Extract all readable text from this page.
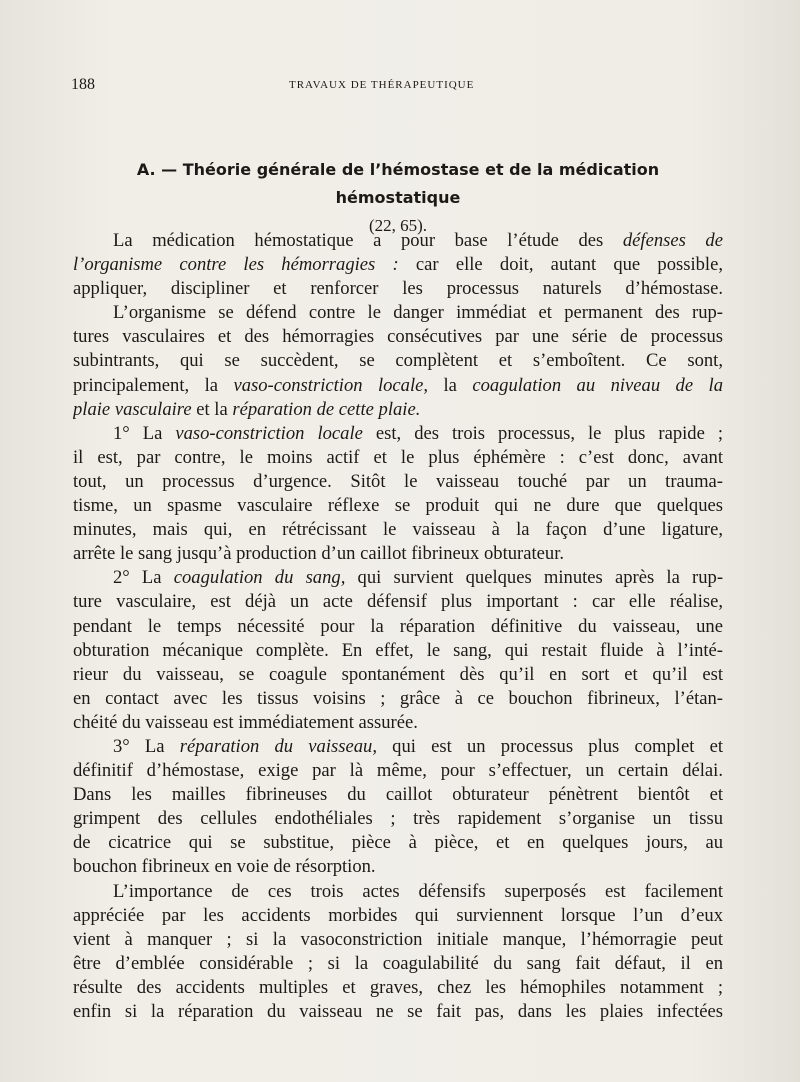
188	TRAVAUX DE THÉRAPEUTIQUE
A. — Théorie générale de l’hémostase et de la médication hémostatique
(22, 65).
La médication hémostatique a pour base l’étude des défenses de
l’organisme contre les hémorragies : car elle doit, autant que possible,
appliquer, discipliner et renforcer les processus naturels d’hémostase.
L’organisme se défend contre le danger immédiat et permanent des rup-
tures vasculaires et des hémorragies consécutives par une série de processus
subintrants, qui se succèdent, se complètent et s’emboîtent. Ce sont,
principalement, la vaso-constriction locale, la coagulation au niveau de la
plaie vasculaire et la réparation de cette plaie.
1° La vaso-constriction locale est, des trois processus, le plus rapide ;
il est, par contre, le moins actif et le plus éphémère : c’est donc, avant
tout, un processus d’urgence. Sitôt le vaisseau touché par un trauma-
tisme, un spasme vasculaire réflexe se produit qui ne dure que quelques
minutes, mais qui, en rétrécissant le vaisseau à la façon d’une ligature,
arrête le sang jusqu’à production d’un caillot fibrineux obturateur.
2° La coagulation du sang, qui survient quelques minutes après la rup-
ture vasculaire, est déjà un acte défensif plus important : car elle réalise,
pendant le temps nécessité pour la réparation définitive du vaisseau, une
obturation mécanique complète. En effet, le sang, qui restait fluide à l’inté-
rieur du vaisseau, se coagule spontanément dès qu’il en sort et qu’il est
en contact avec les tissus voisins ; grâce à ce bouchon fibrineux, l’étan-
chéité du vaisseau est immédiatement assurée.
3° La réparation du vaisseau, qui est un processus plus complet et
définitif d’hémostase, exige par là même, pour s’effectuer, un certain délai.
Dans les mailles fibrineuses du caillot obturateur pénètrent bientôt et
grimpent des cellules endothéliales ; très rapidement s’organise un tissu
de cicatrice qui se substitue, pièce à pièce, et en quelques jours, au
bouchon fibrineux en voie de résorption.
L’importance de ces trois actes défensifs superposés est facilement
appréciée par les accidents morbides qui surviennent lorsque l’un d’eux
vient à manquer ; si la vasoconstriction initiale manque, l’hémorragie peut
être d’emblée considérable ; si la coagulabilité du sang fait défaut, il en
résulte des accidents multiples et graves, chez les hémophiles notamment ;
enfin si la réparation du vaisseau ne se fait pas, dans les plaies infectées
